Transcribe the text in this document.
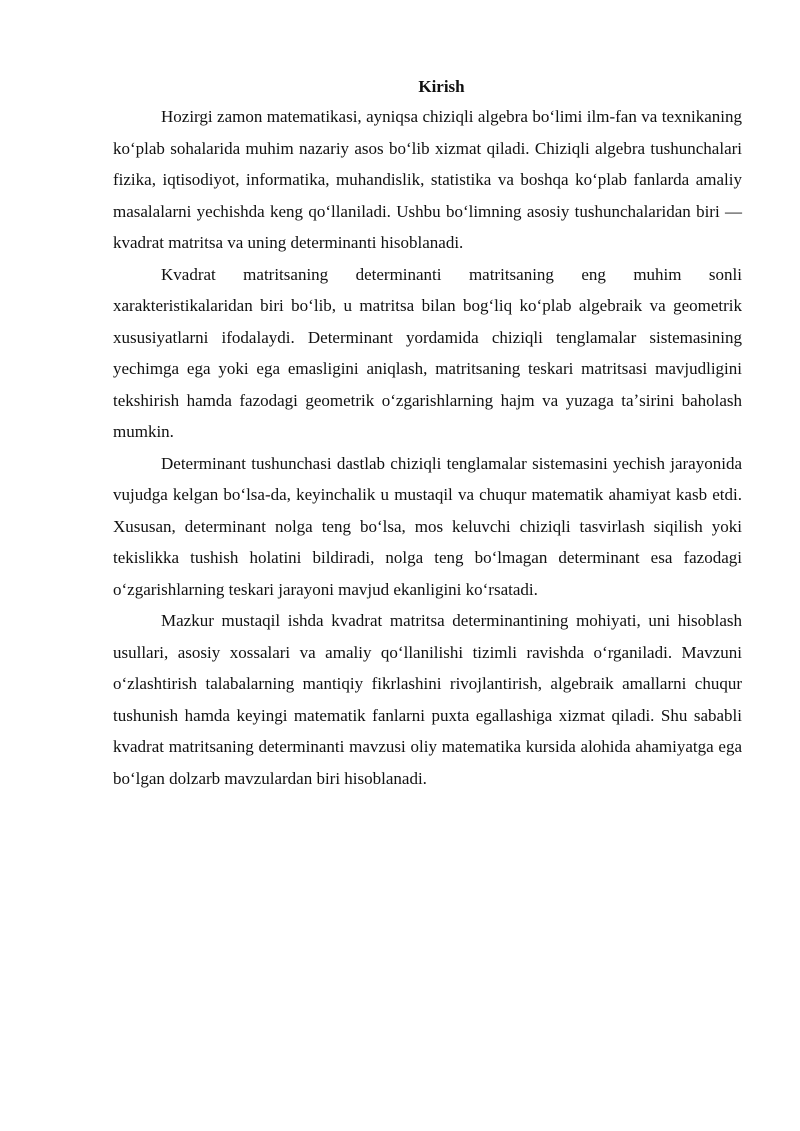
Kirish

Hozirgi zamon matematikasi, ayniqsa chiziqli algebra boʻlimi ilm-fan va texnikaning koʻplab sohalarida muhim nazariy asos boʻlib xizmat qiladi. Chiziqli algebra tushunchalari fizika, iqtisodiyot, informatika, muhandislik, statistika va boshqa koʻplab fanlarda amaliy masalalarni yechishda keng qoʻllaniladi. Ushbu boʻlimning asosiy tushunchalaridan biri — kvadrat matritsa va uning determinanti hisoblanadi.

Kvadrat matritsaning determinanti matritsaning eng muhim sonli xarakteristikalaridan biri boʻlib, u matritsa bilan bogʻliq koʻplab algebraik va geometrik xususiyatlarni ifodalaydi. Determinant yordamida chiziqli tenglamalar sistemasining yechimga ega yoki ega emasligini aniqlash, matritsaning teskari matritsasi mavjudligini tekshirish hamda fazodagi geometrik oʻzgarishlarning hajm va yuzaga taʼsirini baholash mumkin.

Determinant tushunchasi dastlab chiziqli tenglamalar sistemasini yechish jarayonida vujudga kelgan boʻlsa-da, keyinchalik u mustaqil va chuqur matematik ahamiyat kasb etdi. Xususan, determinant nolga teng boʻlsa, mos keluvchi chiziqli tasvirlash siqilish yoki tekislikka tushish holatini bildiradi, nolga teng boʻlmagan determinant esa fazodagi oʻzgarishlarning teskari jarayoni mavjud ekanligini koʻrsatadi.

Mazkur mustaqil ishda kvadrat matritsa determinantining mohiyati, uni hisoblash usullari, asosiy xossalari va amaliy qoʻllanilishi tizimli ravishda oʻrganiladi. Mavzuni oʻzlashtirish talabalarning mantiqiy fikrlashini rivojlantirish, algebraik amallarni chuqur tushunish hamda keyingi matematik fanlarni puxta egallashiga xizmat qiladi. Shu sababli kvadrat matritsaning determinanti mavzusi oliy matematika kursida alohida ahamiyatga ega boʻlgan dolzarb mavzulardan biri hisoblanadi.
